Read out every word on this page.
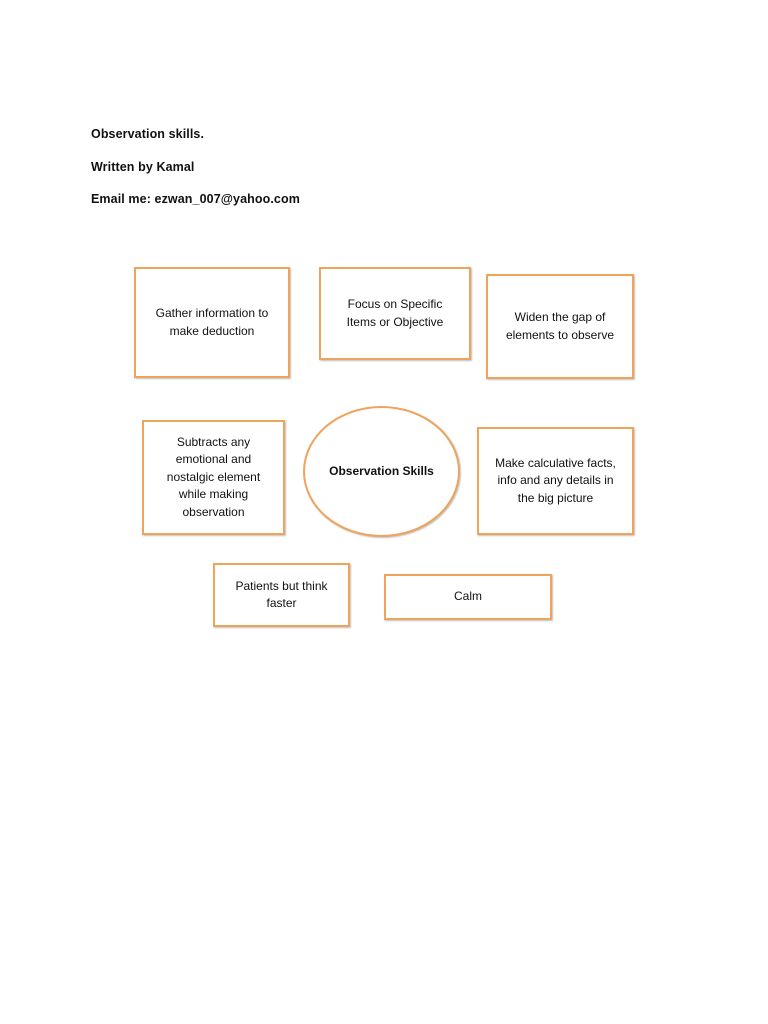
Observation skills.
Written by Kamal
Email me: ezwan_007@yahoo.com
Gather information to make deduction
Focus on Specific Items or Objective	Widen the gap of elements to observe
Subtracts any emotional and nostalgic element while making observation
Observation Skills
Make calculative facts, info and any details in the big picture
Patients but think faster	Calm
